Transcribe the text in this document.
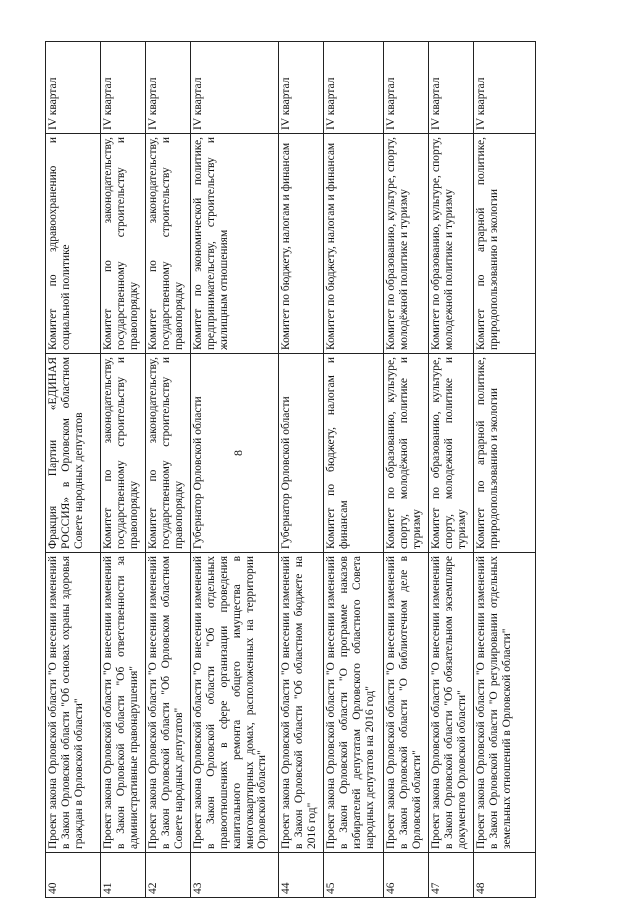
8
40	Проект закона Орловской области "О внесении изменений в Закон Орловской области "Об основах охраны здоровья граждан в Орловской области"	Фракция Партии «ЕДИНАЯ РОССИЯ» в Орловском областном Совете народных депутатов	Комитет по здравоохранению и социальной политике	IV квартал
41	Проект закона Орловской области "О внесении изменений в Закон Орловской области "Об ответственности за административные правонарушения"	Комитет по законодательству, государственному строительству и правопорядку	Комитет по законодательству, государственному строительству и правопорядку	IV квартал
42	Проект закона Орловской области "О внесении изменений в Закон Орловской области "Об Орловском областном Совете народных депутатов"	Комитет по законодательству, государственному строительству и правопорядку	Комитет по законодательству, государственному строительству и правопорядку	IV квартал
43	Проект закона Орловской области "О внесении изменений в Закон Орловской области "Об отдельных правоотношениях в сфере организации проведения капитального ремонта общего имущества в многоквартирных домах, расположенных на территории Орловской области"	Губернатор Орловской области	Комитет по экономической политике, предпринимательству, строительству и жилищным отношениям	IV квартал
44	Проект закона Орловской области "О внесении изменений в Закон Орловской области "Об областном бюджете на 2016 год"	Губернатор Орловской области	Комитет по бюджету, налогам и финансам	IV квартал
45	Проект закона Орловской области "О внесении изменений в Закон Орловской области "О программе наказов избирателей депутатам Орловского областного Совета народных депутатов на 2016 год"	Комитет по бюджету, налогам и финансам	Комитет по бюджету, налогам и финансам	IV квартал
46	Проект закона Орловской области "О внесении изменений в Закон Орловской области "О библиотечном деле в Орловской области"	Комитет по образованию, культуре, спорту, молодёжной политике и туризму	Комитет по образованию, культуре, спорту, молодёжной политике и туризму	IV квартал
47	Проект закона Орловской области "О внесении изменений в Закон Орловской области "Об обязательном экземпляре документов Орловской области"	Комитет по образованию, культуре, спорту, молодежной политике и туризму	Комитет по образованию, культуре, спорту, молодежной политике и туризму	IV квартал
48	Проект закона Орловской области "О внесении изменений в Закон Орловской области "О регулировании отдельных земельных отношений в Орловской области"	Комитет по аграрной политике, природопользованию и экологии	Комитет по аграрной политике, природопользованию и экологии	IV квартал
